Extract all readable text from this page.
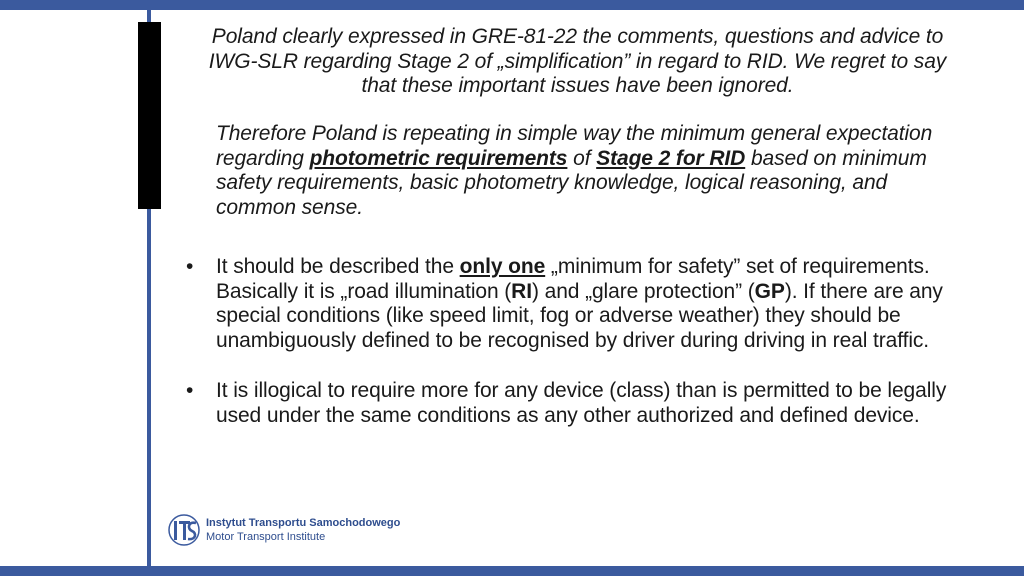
Poland clearly expressed in GRE-81-22 the comments, questions and advice to IWG-SLR regarding Stage 2 of „simplification” in regard to RID. We regret to say that these important issues have been ignored.
Therefore Poland is repeating in simple way the minimum general expectation regarding photometric requirements of Stage 2 for RID based on minimum safety requirements, basic photometry knowledge, logical reasoning, and common sense.
• It should be described the only one „minimum for safety” set of requirements. Basically it is „road illumination (RI) and „glare protection” (GP). If there are any special conditions (like speed limit, fog or adverse weather) they should be unambiguously defined to be recognised by driver during driving in real traffic.
• It is illogical to require more for any device (class) than is permitted to be legally used under the same conditions as any other authorized and defined device.
Instytut Transportu Samochodowego
Motor Transport Institute
